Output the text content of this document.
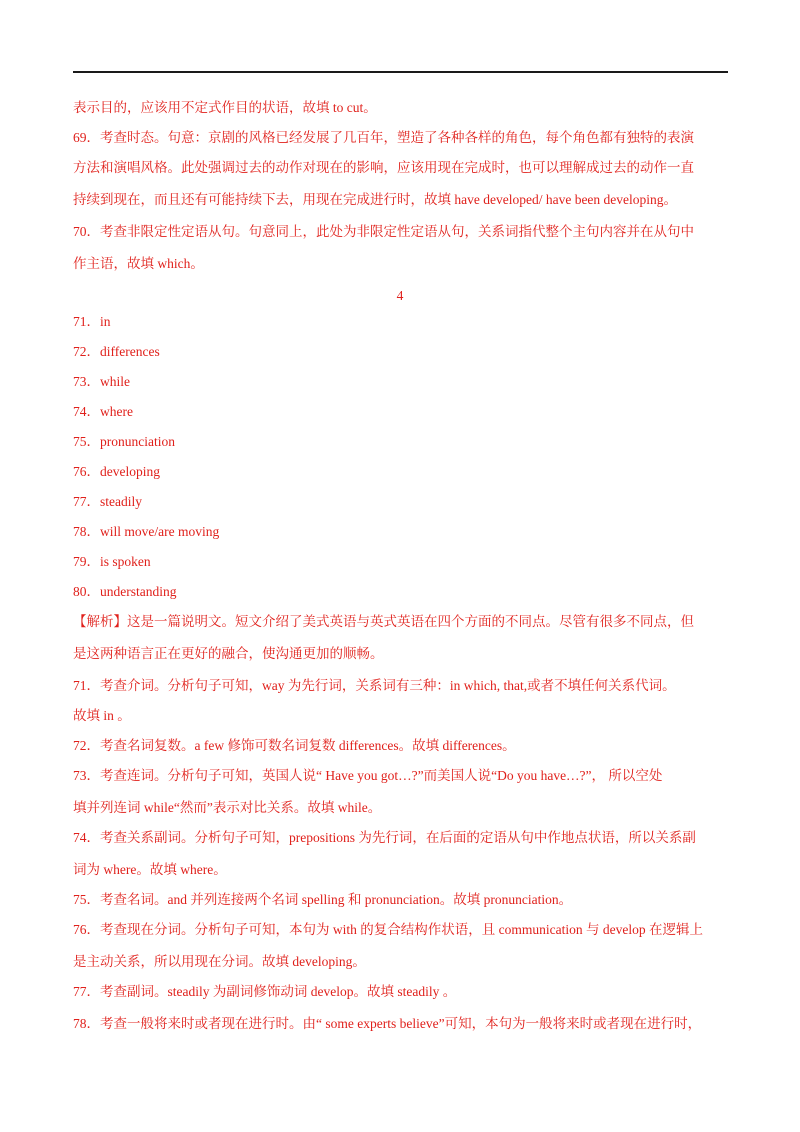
表示目的，应该用不定式作目的状语，故填 to cut。
69．考查时态。句意：京剧的风格已经发展了几百年，塑造了各种各样的角色，每个角色都有独特的表演
方法和演唱风格。此处强调过去的动作对现在的影响，应该用现在完成时，也可以理解成过去的动作一直
持续到现在，而且还有可能持续下去，用现在完成进行时，故填 have developed/ have been developing。
70．考查非限定性定语从句。句意同上，此处为非限定性定语从句，关系词指代整个主句内容并在从句中
作主语，故填 which。
4
71．in
72．differences
73．while
74．where
75．pronunciation
76．developing
77．steadily
78．will move/are moving
79．is spoken
80．understanding
【解析】这是一篇说明文。短文介绍了美式英语与英式英语在四个方面的不同点。尽管有很多不同点，但
是这两种语言正在更好的融合，使沟通更加的顺畅。
71．考查介词。分析句子可知，way 为先行词，关系词有三种：in which, that,或者不填任何关系代词。
故填 in 。
72．考查名词复数。a few 修饰可数名词复数 differences。故填 differences。
73．考查连词。分析句子可知，英国人说“ Have you got…?”而美国人说“Do you have…?”， 所以空处
填并列连词 while“然而”表示对比关系。故填 while。
74．考查关系副词。分析句子可知，prepositions 为先行词，在后面的定语从句中作地点状语，所以关系副
词为 where。故填 where。
75．考查名词。and 并列连接两个名词 spelling 和 pronunciation。故填 pronunciation。
76．考查现在分词。分析句子可知，本句为 with 的复合结构作状语，且 communication 与 develop 在逻辑上
是主动关系，所以用现在分词。故填 developing。
77．考查副词。steadily 为副词修饰动词 develop。故填 steadily 。
78．考查一般将来时或者现在进行时。由“ some experts believe”可知，本句为一般将来时或者现在进行时，
